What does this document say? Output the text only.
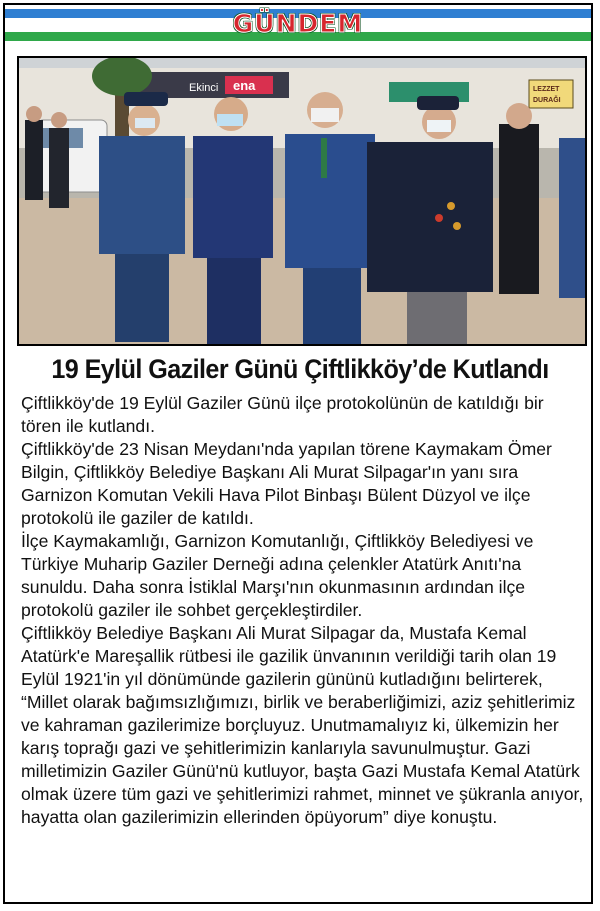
GÜNDEM
Ekinci ena	LEZZET
DURAĞI
19 Eylül Gaziler Günü Çiftlikköy’de Kutlandı

Çiftlikköy'de 19 Eylül Gaziler Günü ilçe protokolünün de katıldığı bir tören ile kutlandı.

Çiftlikköy'de 23 Nisan Meydanı'nda yapılan törene Kaymakam Ömer Bilgin, Çiftlikköy Belediye Başkanı Ali Murat Silpagar'ın yanı sıra Garnizon Komutan Vekili Hava Pilot Binbaşı Bülent Düzyol ve ilçe protokolü ile gaziler de katıldı.

İlçe Kaymakamlığı, Garnizon Komutanlığı, Çiftlikköy Belediyesi ve Türkiye Muharip Gaziler Derneği adına çelenkler Atatürk Anıtı'na sunuldu. Daha sonra İstiklal Marşı'nın okunmasının ardından ilçe protokolü gaziler ile sohbet gerçekleştirdiler.

Çiftlikköy Belediye Başkanı Ali Murat Silpagar da, Mustafa Kemal Atatürk'e Mareşallik rütbesi ile gazilik ünvanının verildiği tarih olan 19 Eylül 1921'in yıl dönümünde gazilerin gününü kutladığını belirterek, “Millet olarak bağımsızlığımızı, birlik ve beraberliğimizi, aziz şehitlerimiz ve kahraman gazilerimize borçluyuz. Unutmamalıyız ki, ülkemizin her karış toprağı gazi ve şehitlerimizin kanlarıyla savunulmuştur. Gazi milletimizin Gaziler Günü'nü kutluyor, başta Gazi Mustafa Kemal Atatürk olmak üzere tüm gazi ve şehitlerimizi rahmet, minnet ve şükranla anıyor, hayatta olan gazilerimizin ellerinden öpüyorum” diye konuştu.
